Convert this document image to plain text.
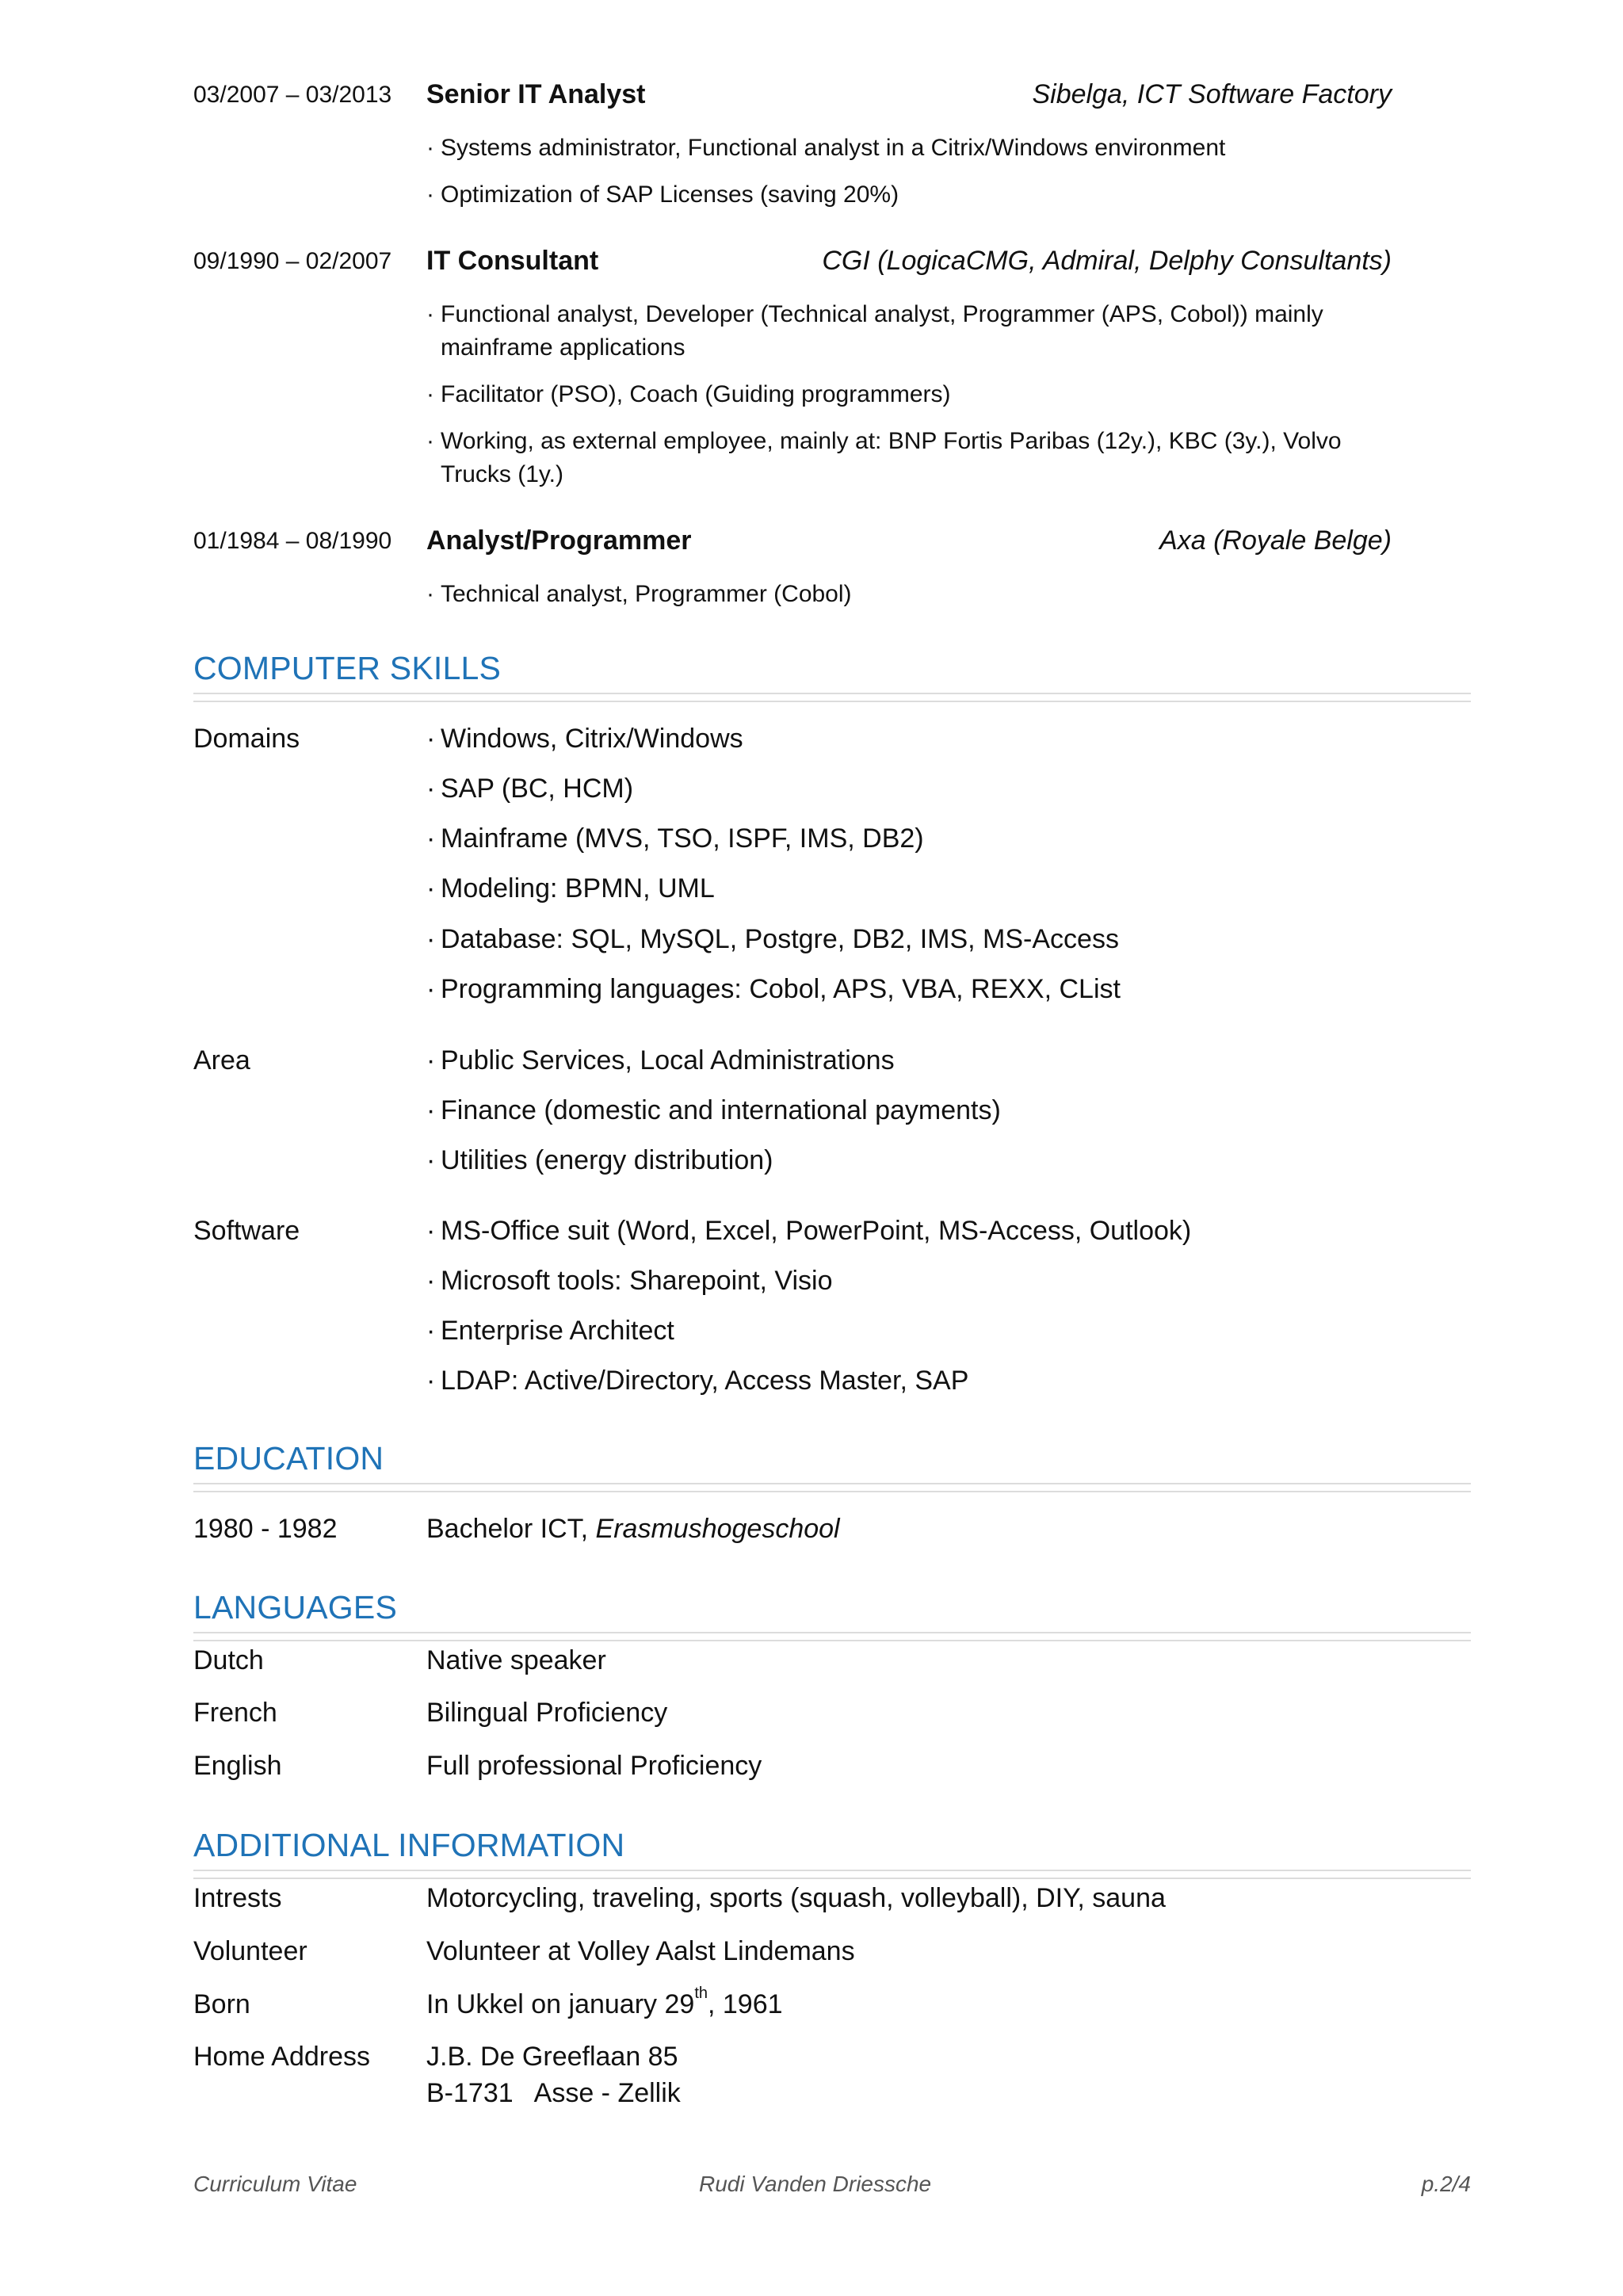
03/2007 – 03/2013 Senior IT Analyst	Sibelga, ICT Software Factory
· Systems administrator, Functional analyst in a Citrix/Windows environment
· Optimization of SAP Licenses (saving 20%)
09/1990 – 02/2007 IT Consultant	CGI (LogicaCMG, Admiral, Delphy Consultants)
· Functional analyst, Developer (Technical analyst, Programmer (APS, Cobol)) mainly mainframe applications
· Facilitator (PSO), Coach (Guiding programmers)
· Working, as external employee, mainly at: BNP Fortis Paribas (12y.), KBC (3y.), Volvo Trucks (1y.)
01/1984 – 08/1990 Analyst/Programmer	Axa (Royale Belge)
· Technical analyst, Programmer (Cobol)
COMPUTER SKILLS
Domains	· Windows, Citrix/Windows
· SAP (BC, HCM)
· Mainframe (MVS, TSO, ISPF, IMS, DB2)
· Modeling: BPMN, UML
· Database: SQL, MySQL, Postgre, DB2, IMS, MS-Access
· Programming languages: Cobol, APS, VBA, REXX, CList
Area	· Public Services, Local Administrations
· Finance (domestic and international payments)
· Utilities (energy distribution)
Software	· MS-Office suit (Word, Excel, PowerPoint, MS-Access, Outlook)
· Microsoft tools: Sharepoint, Visio
· Enterprise Architect
· LDAP: Active/Directory, Access Master, SAP
EDUCATION
1980 - 1982	Bachelor ICT, Erasmushogeschool
LANGUAGES
Dutch	Native speaker
French	Bilingual Proficiency
English	Full professional Proficiency
ADDITIONAL INFORMATION
Intrests	Motorcycling, traveling, sports (squash, volleyball), DIY, sauna
Volunteer	Volunteer at Volley Aalst Lindemans
Born	In Ukkel on january 29th, 1961
Home Address J.B. De Greeflaan 85
B-1731 Asse - Zellik
Curriculum Vitae	Rudi Vanden Driessche	p.2/4
